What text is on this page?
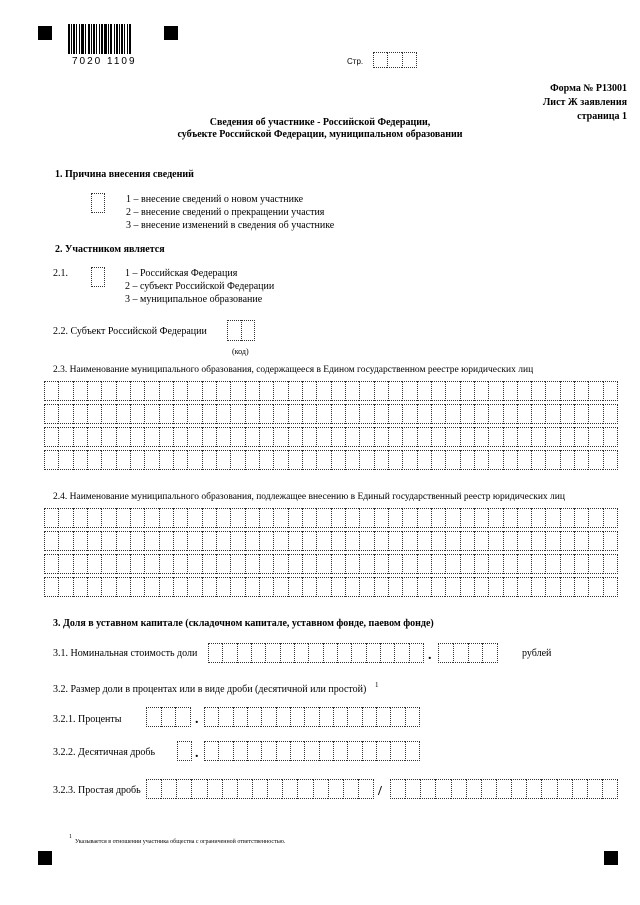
7020 1109	Стр.
Форма № Р13001
Лист Ж заявления
страница 1
Сведения об участнике - Российской Федерации,
субъекте Российской Федерации, муниципальном образовании
1. Причина внесения сведений
1 – внесение сведений о новом участнике
2 – внесение сведений о прекращении участия
3 – внесение изменений в сведения об участнике
2. Участником является
2.1.	1 – Российская Федерация
2 – субъект Российской Федерации
3 – муниципальное образование
2.2. Субъект Российской Федерации
(код)
2.3. Наименование муниципального образования, содержащееся в Едином государственном реестре юридических лиц
2.4. Наименование муниципального образования, подлежащее внесению в Единый государственный реестр юридических лиц
3. Доля в уставном капитале (складочном капитале, уставном фонде, паевом фонде)
3.1. Номинальная стоимость доли	.	рублей
3.2. Размер доли в процентах или в виде дроби (десятичной или простой) 1
3.2.1. Проценты	.
3.2.2. Десятичная дробь	.
3.2.3. Простая дробь	/
1
Указывается в отношении участника общества с ограниченной ответственностью.
